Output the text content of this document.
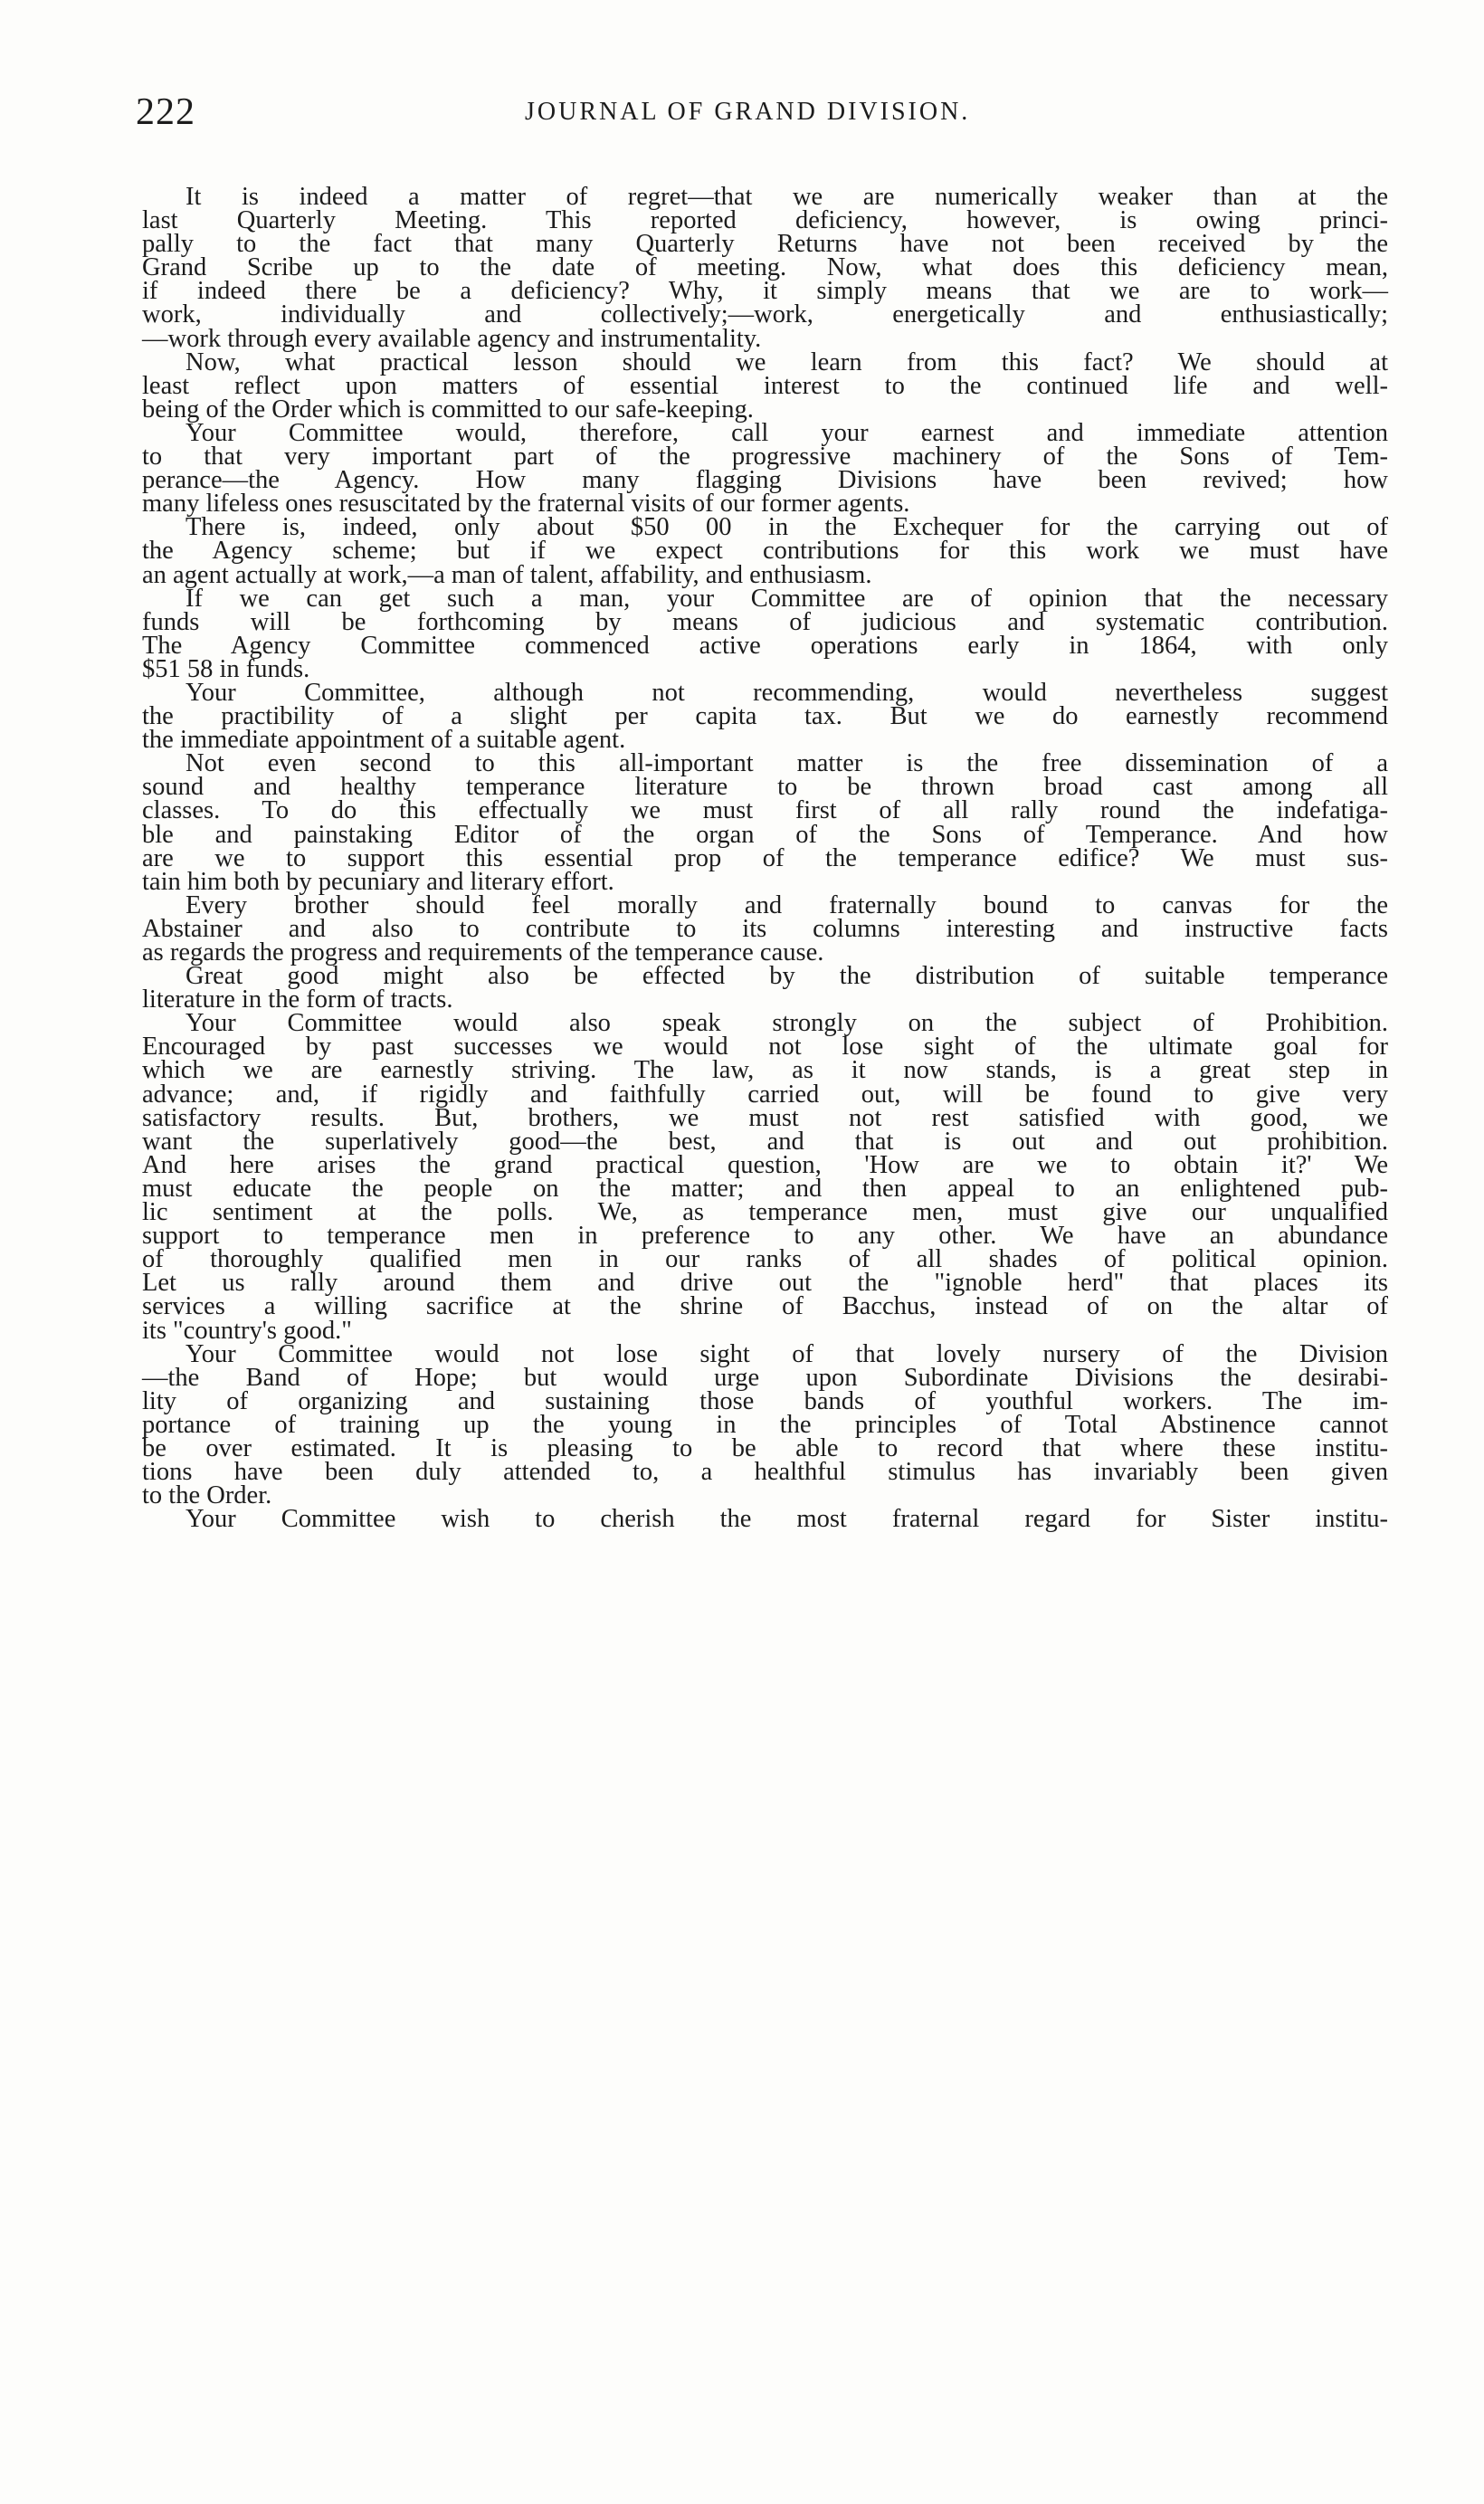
222	JOURNAL OF GRAND DIVISION.
It is indeed a matter of regret—that we are numerically weaker than at the
last Quarterly Meeting. This reported deficiency, however, is owing princi-
pally to the fact that many Quarterly Returns have not been received by the
Grand Scribe up to the date of meeting. Now, what does this deficiency mean,
if indeed there be a deficiency? Why, it simply means that we are to work—
work, individually and collectively;—work, energetically and enthusiastically;
—work through every available agency and instrumentality.
Now, what practical lesson should we learn from this fact? We should at
least reflect upon matters of essential interest to the continued life and well-
being of the Order which is committed to our safe-keeping.
Your Committee would, therefore, call your earnest and immediate attention
to that very important part of the progressive machinery of the Sons of Tem-
perance—the Agency. How many flagging Divisions have been revived; how
many lifeless ones resuscitated by the fraternal visits of our former agents.
There is, indeed, only about $50 00 in the Exchequer for the carrying out of
the Agency scheme; but if we expect contributions for this work we must have
an agent actually at work,—a man of talent, affability, and enthusiasm.
If we can get such a man, your Committee are of opinion that the necessary
funds will be forthcoming by means of judicious and systematic contribution.
The Agency Committee commenced active operations early in 1864, with only
$51 58 in funds.
Your Committee, although not recommending, would nevertheless suggest
the practibility of a slight per capita tax. But we do earnestly recommend
the immediate appointment of a suitable agent.
Not even second to this all-important matter is the free dissemination of a
sound and healthy temperance literature to be thrown broad cast among all
classes. To do this effectually we must first of all rally round the indefatiga-
ble and painstaking Editor of the organ of the Sons of Temperance. And how
are we to support this essential prop of the temperance edifice? We must sus-
tain him both by pecuniary and literary effort.
Every brother should feel morally and fraternally bound to canvas for the
Abstainer and also to contribute to its columns interesting and instructive facts
as regards the progress and requirements of the temperance cause.
Great good might also be effected by the distribution of suitable temperance
literature in the form of tracts.
Your Committee would also speak strongly on the subject of Prohibition.
Encouraged by past successes we would not lose sight of the ultimate goal for
which we are earnestly striving. The law, as it now stands, is a great step in
advance; and, if rigidly and faithfully carried out, will be found to give very
satisfactory results. But, brothers, we must not rest satisfied with good, we
want the superlatively good—the best, and that is out and out prohibition.
And here arises the grand practical question, 'How are we to obtain it?' We
must educate the people on the matter; and then appeal to an enlightened pub-
lic sentiment at the polls. We, as temperance men, must give our unqualified
support to temperance men in preference to any other. We have an abundance
of thoroughly qualified men in our ranks of all shades of political opinion.
Let us rally around them and drive out the "ignoble herd" that places its
services a willing sacrifice at the shrine of Bacchus, instead of on the altar of
its "country's good."
Your Committee would not lose sight of that lovely nursery of the Division
—the Band of Hope; but would urge upon Subordinate Divisions the desirabi-
lity of organizing and sustaining those bands of youthful workers. The im-
portance of training up the young in the principles of Total Abstinence cannot
be over estimated. It is pleasing to be able to record that where these institu-
tions have been duly attended to, a healthful stimulus has invariably been given
to the Order.
Your Committee wish to cherish the most fraternal regard for Sister institu-
